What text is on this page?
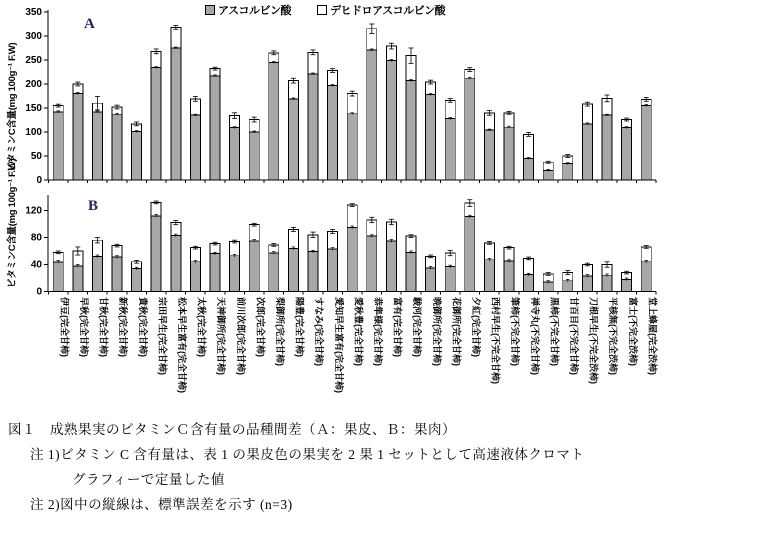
0
50
100
150
200
250
300
350
0
40
80
120
伊豆(完全甘柿) 早秋(完全甘柿) 甘秋(完全甘柿) 新秋(完全甘柿) 貴秋(完全甘柿) 宗田早生(完全甘柿) 松本早生富有(完全甘柿) 太秋(完全甘柿) 天神御所(完全甘柿) 前川次郎(完全甘柿) 次郎(完全甘柿) 梨御所(完全甘柿) 陽豊(完全甘柿) すなみ(完全甘柿) 愛知早生富有(完全甘柿) 愛秋豊(完全甘柿) 恭隼様(完全甘柿) 富有(完全甘柿) 駿河(完全甘柿) 晩御所(完全甘柿) 花御所(完全甘柿) 夕紅(完全甘柿) 西村早生(不完全甘柿) 筆柿(不完全甘柿) 禅寺丸(不完全甘柿) 黒柿(不完全甘柿) 甘百目(不完全甘柿) 刀根早生(不完全渋柿) 平核無(不完全渋柿) 富士(不完全渋柿) 堂上蜂屋(完全渋柿)
アスコルビン酸	デヒドロアスコルビン酸
A
B
ビタミンC含量(mg 100g⁻¹ F.W)
ビタミンC含量(mg 100g⁻¹ F.W)
図１　成熟果実のビタミンＣ含有量の品種間差（Ａ：果皮、Ｂ：果肉）
注 1)ビタミン C 含有量は、表 1 の果皮色の果実を 2 果 1 セットとして高速液体クロマト
グラフィーで定量した値
注 2)図中の縦線は、標準誤差を示す (n=3)
